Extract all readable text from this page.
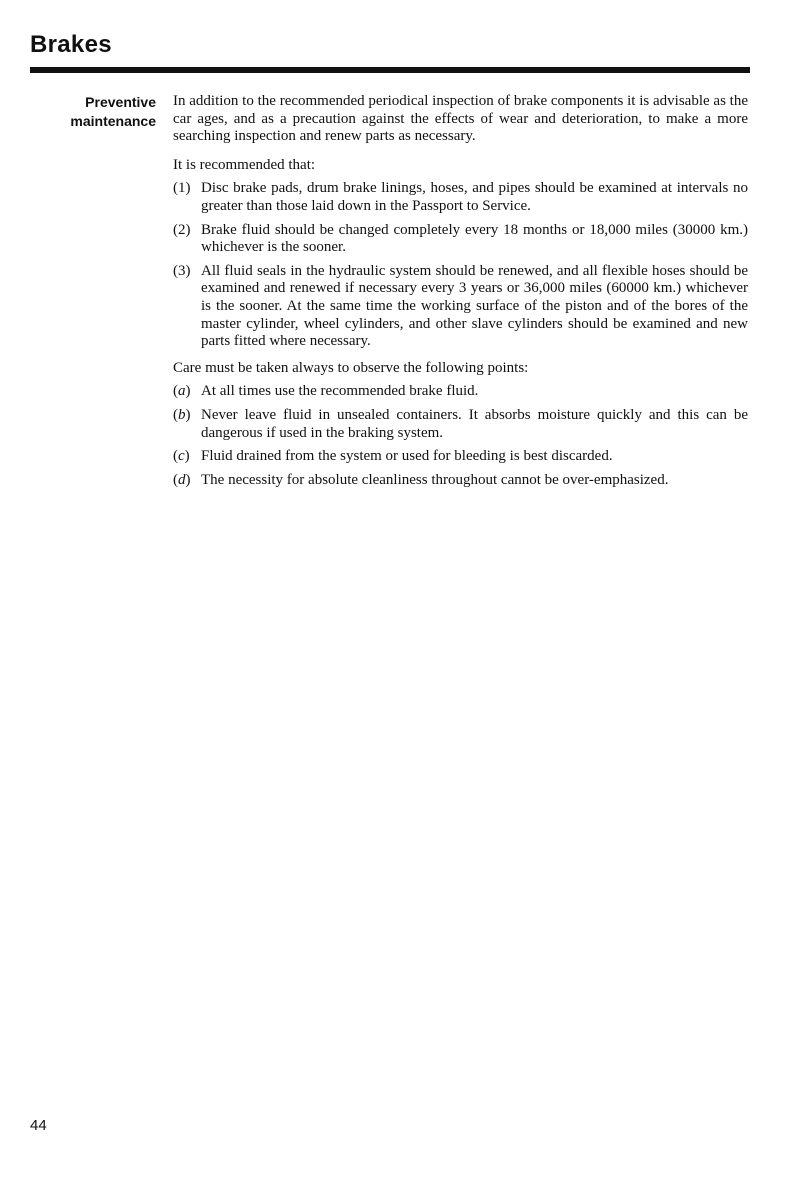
Brakes
Preventive
maintenance

In addition to the recommended periodical inspection of brake components it is advisable as the car ages, and as a precaution against the effects of wear and deterioration, to make a more searching inspection and renew parts as necessary.

It is recommended that:

(1) Disc brake pads, drum brake linings, hoses, and pipes should be examined at intervals no greater than those laid down in the Passport to Service.
(2) Brake fluid should be changed completely every 18 months or 18,000 miles (30000 km.) whichever is the sooner.
(3) All fluid seals in the hydraulic system should be renewed, and all flexible hoses should be examined and renewed if necessary every 3 years or 36,000 miles (60000 km.) whichever is the sooner. At the same time the working surface of the piston and of the bores of the master cylinder, wheel cylinders, and other slave cylinders should be examined and new parts fitted where necessary.

Care must be taken always to observe the following points:

(a) At all times use the recommended brake fluid.
(b) Never leave fluid in unsealed containers. It absorbs moisture quickly and this can be dangerous if used in the braking system.
(c) Fluid drained from the system or used for bleeding is best discarded.
(d) The necessity for absolute cleanliness throughout cannot be over-emphasized.
44
